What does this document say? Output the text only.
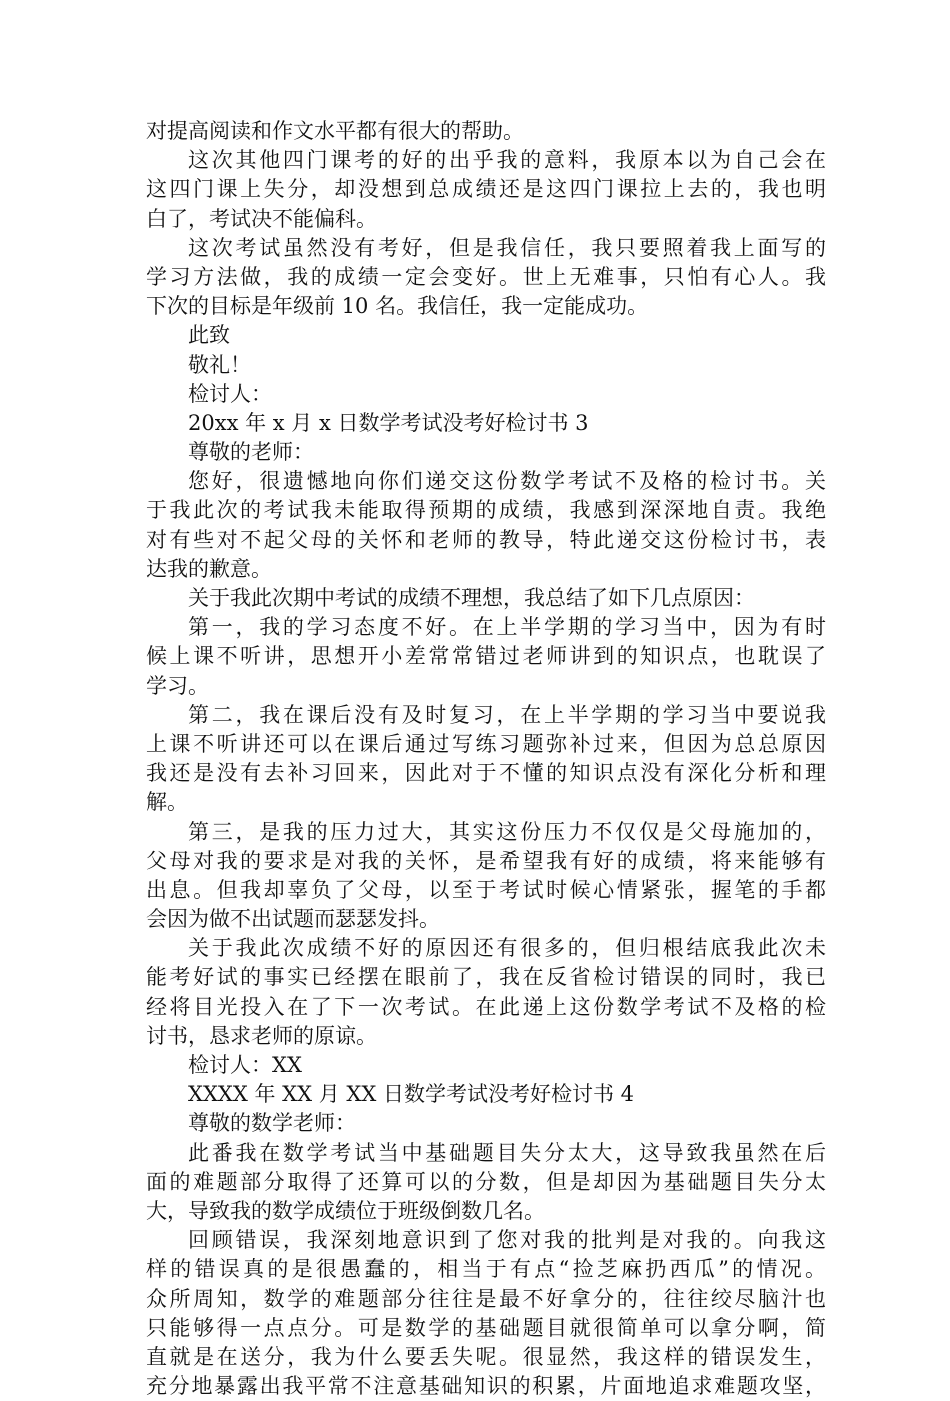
对提高阅读和作文水平都有很大的帮助。
这次其他四门课考的好的出乎我的意料，我原本以为自己会在
这四门课上失分，却没想到总成绩还是这四门课拉上去的，我也明
白了，考试决不能偏科。
这次考试虽然没有考好，但是我信任，我只要照着我上面写的
学习方法做，我的成绩一定会变好。世上无难事，只怕有心人。我
下次的目标是年级前 10 名。我信任，我一定能成功。
此致
敬礼！
检讨人：
20xx 年 x 月 x 日数学考试没考好检讨书 3
尊敬的老师：
您好，很遗憾地向你们递交这份数学考试不及格的检讨书。关
于我此次的考试我未能取得预期的成绩，我感到深深地自责。我绝
对有些对不起父母的关怀和老师的教导，特此递交这份检讨书，表
达我的歉意。
关于我此次期中考试的成绩不理想，我总结了如下几点原因：
第一，我的学习态度不好。在上半学期的学习当中，因为有时
候上课不听讲，思想开小差常常错过老师讲到的知识点，也耽误了
学习。
第二，我在课后没有及时复习，在上半学期的学习当中要说我
上课不听讲还可以在课后通过写练习题弥补过来，但因为总总原因
我还是没有去补习回来，因此对于不懂的知识点没有深化分析和理
解。
第三，是我的压力过大，其实这份压力不仅仅是父母施加的，
父母对我的要求是对我的关怀，是希望我有好的成绩，将来能够有
出息。但我却辜负了父母，以至于考试时候心情紧张，握笔的手都
会因为做不出试题而瑟瑟发抖。
关于我此次成绩不好的原因还有很多的，但归根结底我此次未
能考好试的事实已经摆在眼前了，我在反省检讨错误的同时，我已
经将目光投入在了下一次考试。在此递上这份数学考试不及格的检
讨书，恳求老师的原谅。
检讨人：XX
XXXX 年 XX 月 XX 日数学考试没考好检讨书 4
尊敬的数学老师：
此番我在数学考试当中基础题目失分太大，这导致我虽然在后
面的难题部分取得了还算可以的分数，但是却因为基础题目失分太
大，导致我的数学成绩位于班级倒数几名。
回顾错误，我深刻地意识到了您对我的批判是对我的。向我这
样的错误真的是很愚蠢的，相当于有点“捡芝麻扔西瓜”的情况。
众所周知，数学的难题部分往往是最不好拿分的，往往绞尽脑汁也
只能够得一点点分。可是数学的基础题目就很简单可以拿分啊，简
直就是在送分，我为什么要丢失呢。很显然，我这样的错误发生，
充分地暴露出我平常不注意基础知识的积累，片面地追求难题攻坚，
